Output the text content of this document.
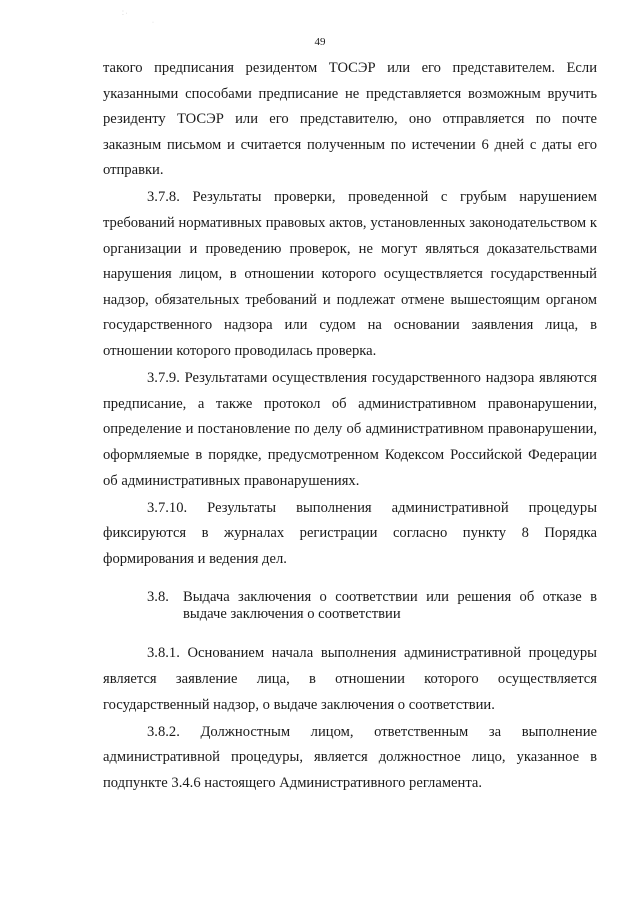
⁚ ·
·
49

такого предписания резидентом ТОСЭР или его представителем. Если указанными способами предписание не представляется возможным вручить резиденту ТОСЭР или его представителю, оно отправляется по почте заказным письмом и считается полученным по истечении 6 дней с даты его отправки.

3.7.8. Результаты проверки, проведенной с грубым нарушением требований нормативных правовых актов, установленных законодательством к организации и проведению проверок, не могут являться доказательствами нарушения лицом, в отношении которого осуществляется государственный надзор, обязательных требований и подлежат отмене вышестоящим органом государственного надзора или судом на основании заявления лица, в отношении которого проводилась проверка.

3.7.9. Результатами осуществления государственного надзора являются предписание, а также протокол об административном правонарушении, определение и постановление по делу об административном правонарушении, оформляемые в порядке, предусмотренном Кодексом Российской Федерации об административных правонарушениях.

3.7.10. Результаты выполнения административной процедуры фиксируются в журналах регистрации согласно пункту 8 Порядка формирования и ведения дел.

3.8. Выдача заключения о соответствии или решения об отказе в выдаче заключения о соответствии

3.8.1. Основанием начала выполнения административной процедуры является заявление лица, в отношении которого осуществляется государственный надзор, о выдаче заключения о соответствии.

3.8.2. Должностным лицом, ответственным за выполнение административной процедуры, является должностное лицо, указанное в подпункте 3.4.6 настоящего Административного регламента.
